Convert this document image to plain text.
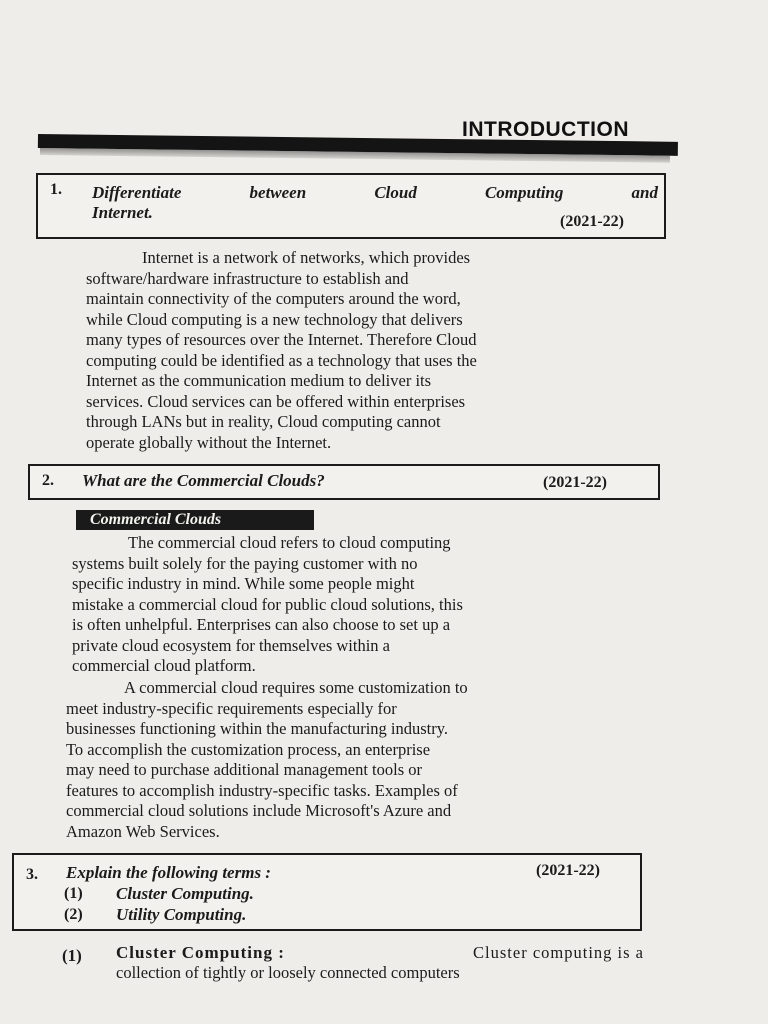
INTRODUCTION
1. Differentiate	between	Cloud	Computing	and
Internet.	(2021-22)
Internet is a network of networks, which provides
software/hardware infrastructure to establish and
maintain connectivity of the computers around the word,
while Cloud computing is a new technology that delivers
many types of resources over the Internet. Therefore Cloud
computing could be identified as a technology that uses the
Internet as the communication medium to deliver its
services. Cloud services can be offered within enterprises
through LANs but in reality, Cloud computing cannot
operate globally without the Internet.
2. What are the Commercial Clouds?	(2021-22)
Commercial Clouds
The commercial cloud refers to cloud computing
systems built solely for the paying customer with no
specific industry in mind. While some people might
mistake a commercial cloud for public cloud solutions, this
is often unhelpful. Enterprises can also choose to set up a
private cloud ecosystem for themselves within a
commercial cloud platform.
A commercial cloud requires some customization to
meet industry-specific requirements especially for
businesses functioning within the manufacturing industry.
To accomplish the customization process, an enterprise
may need to purchase additional management tools or
features to accomplish industry-specific tasks. Examples of
commercial cloud solutions include Microsoft's Azure and
Amazon Web Services.
3. Explain the following terms :	(2021-22)
(1) Cluster Computing.
(2) Utility Computing.
(1) Cluster Computing :	Cluster computing is a
collection of tightly or loosely connected computers
